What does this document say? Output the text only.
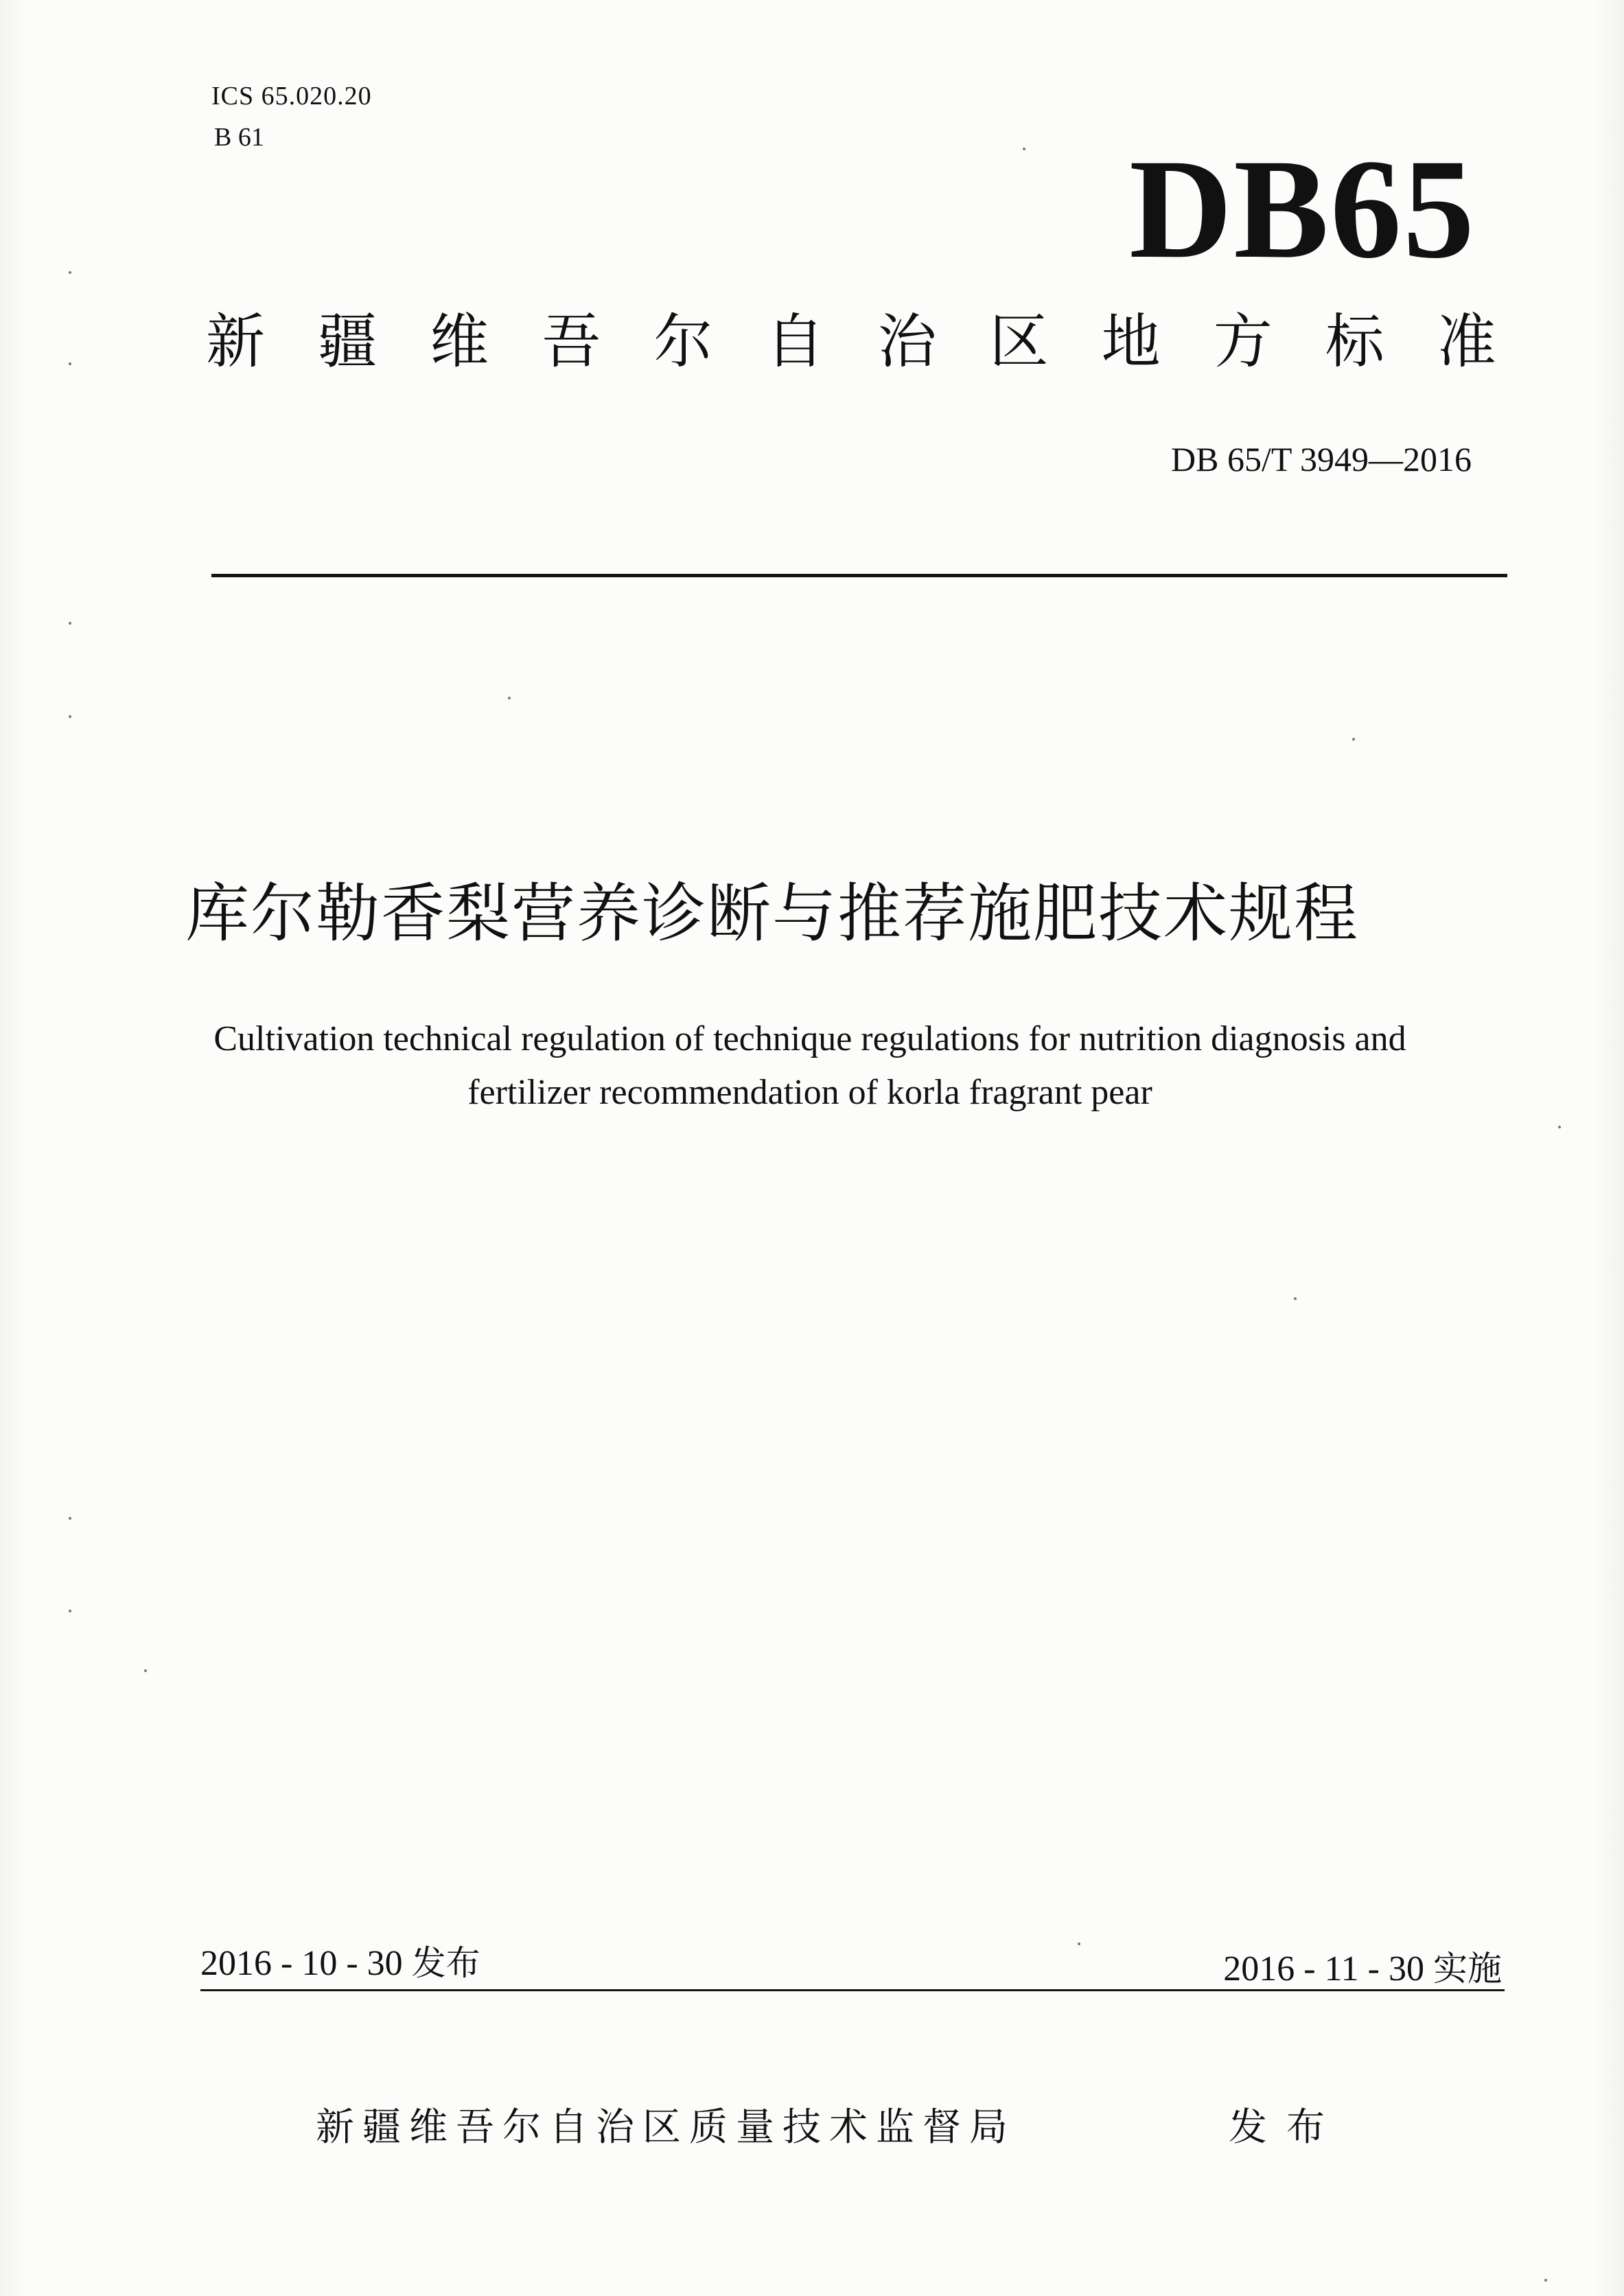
ICS 65.020.20
B 61	DB65
新 疆 维 吾 尔 自 治 区 地 方 标 准
DB 65/T 3949—2016
库尔勒香梨营养诊断与推荐施肥技术规程
Cultivation technical regulation of technique regulations for nutrition diagnosis and
fertilizer recommendation of korla fragrant pear
2016 - 10 - 30 发布	2016 - 11 - 30 实施
新疆维吾尔自治区质量技术监督局	发布
